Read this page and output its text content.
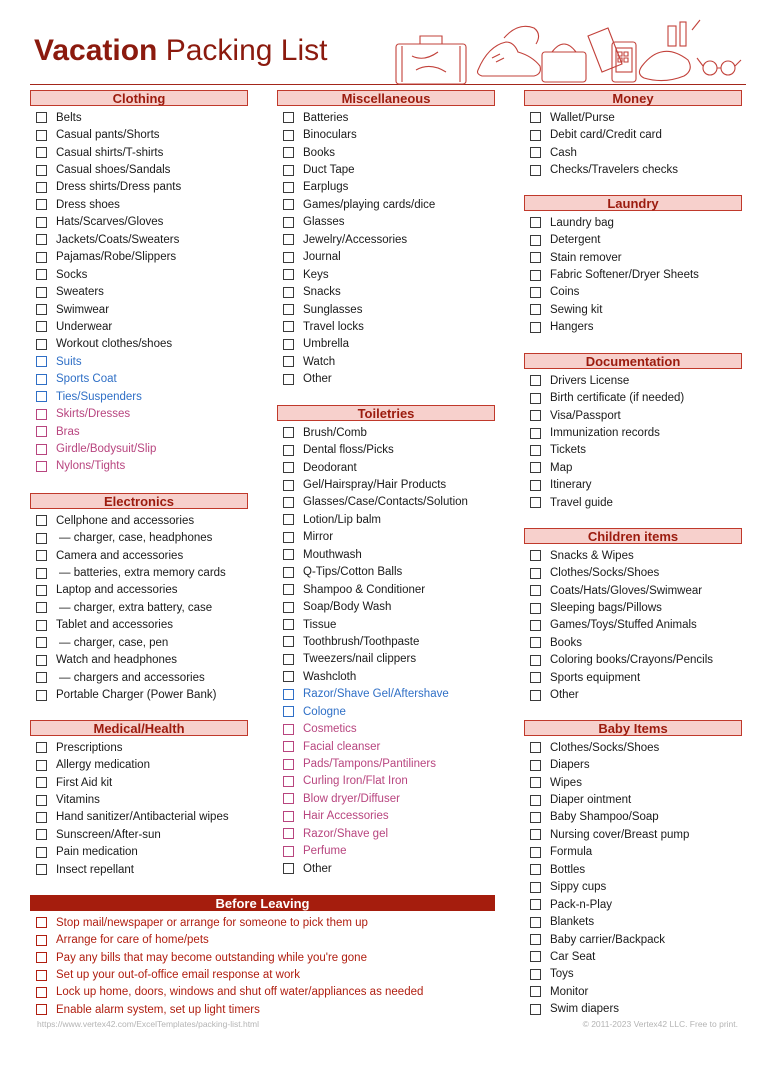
Vacation Packing List
Clothing
Belts
Casual pants/Shorts
Casual shirts/T-shirts
Casual shoes/Sandals
Dress shirts/Dress pants
Dress shoes
Hats/Scarves/Gloves
Jackets/Coats/Sweaters
Pajamas/Robe/Slippers
Socks
Sweaters
Swimwear
Underwear
Workout clothes/shoes
Suits
Sports Coat
Ties/Suspenders
Skirts/Dresses
Bras
Girdle/Bodysuit/Slip
Nylons/Tights
Electronics
Cellphone and accessories
— charger, case, headphones
Camera and accessories
— batteries, extra memory cards
Laptop and accessories
— charger, extra battery, case
Tablet and accessories
— charger, case, pen
Watch and headphones
— chargers and accessories
Portable Charger (Power Bank)
Medical/Health
Prescriptions
Allergy medication
First Aid kit
Vitamins
Hand sanitizer/Antibacterial wipes
Sunscreen/After-sun
Pain medication
Insect repellant
Before Leaving
Stop mail/newspaper or arrange for someone to pick them up
Arrange for care of home/pets
Pay any bills that may become outstanding while you're gone
Set up your out-of-office email response at work
Lock up home, doors, windows and shut off water/appliances as needed
Enable alarm system, set up light timers
Miscellaneous
Batteries
Binoculars
Books
Duct Tape
Earplugs
Games/playing cards/dice
Glasses
Jewelry/Accessories
Journal
Keys
Snacks
Sunglasses
Travel locks
Umbrella
Watch
Other
Toiletries
Brush/Comb
Dental floss/Picks
Deodorant
Gel/Hairspray/Hair Products
Glasses/Case/Contacts/Solution
Lotion/Lip balm
Mirror
Mouthwash
Q-Tips/Cotton Balls
Shampoo & Conditioner
Soap/Body Wash
Tissue
Toothbrush/Toothpaste
Tweezers/nail clippers
Washcloth
Razor/Shave Gel/Aftershave
Cologne
Cosmetics
Facial cleanser
Pads/Tampons/Pantiliners
Curling Iron/Flat Iron
Blow dryer/Diffuser
Hair Accessories
Razor/Shave gel
Perfume
Other
Money
Wallet/Purse
Debit card/Credit card
Cash
Checks/Travelers checks
Laundry
Laundry bag
Detergent
Stain remover
Fabric Softener/Dryer Sheets
Coins
Sewing kit
Hangers
Documentation
Drivers License
Birth certificate (if needed)
Visa/Passport
Immunization records
Tickets
Map
Itinerary
Travel guide
Children items
Snacks & Wipes
Clothes/Socks/Shoes
Coats/Hats/Gloves/Swimwear
Sleeping bags/Pillows
Games/Toys/Stuffed Animals
Books
Coloring books/Crayons/Pencils
Sports equipment
Other
Baby Items
Clothes/Socks/Shoes
Diapers
Wipes
Diaper ointment
Baby Shampoo/Soap
Nursing cover/Breast pump
Formula
Bottles
Sippy cups
Pack-n-Play
Blankets
Baby carrier/Backpack
Car Seat
Toys
Monitor
Swim diapers
https://www.vertex42.com/ExcelTemplates/packing-list.html	© 2011-2023 Vertex42 LLC. Free to print.
